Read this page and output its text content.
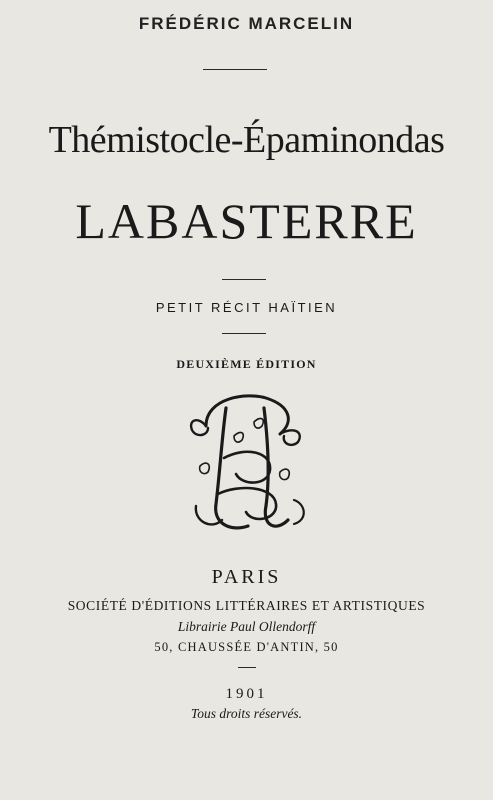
FRÉDÉRIC MARCELIN
Thémistocle-Épaminondas
LABASTERRE
PETIT RÉCIT HAÏTIEN
DEUXIÈME ÉDITION
PARIS
SOCIÉTÉ D'ÉDITIONS LITTÉRAIRES ET ARTISTIQUES
Librairie Paul Ollendorff
50, CHAUSSÉE D'ANTIN, 50
1901
Tous droits réservés.
